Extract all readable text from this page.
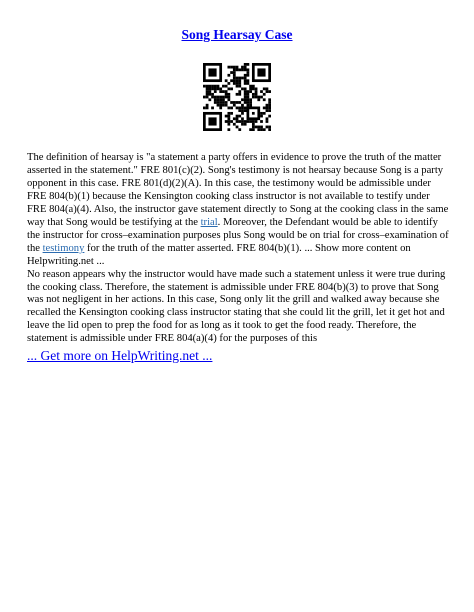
Song Hearsay Case

The definition of hearsay is "a statement a party offers in evidence to prove the truth of the matter asserted in the statement." FRE 801(c)(2). Song's testimony is not hearsay because Song is a party opponent in this case. FRE 801(d)(2)(A). In this case, the testimony would be admissible under FRE 804(b)(1) because the Kensington cooking class instructor is not available to testify under FRE 804(a)(4). Also, the instructor gave statement directly to Song at the cooking class in the same way that Song would be testifying at the trial. Moreover, the Defendant would be able to identify the instructor for cross–examination purposes plus Song would be on trial for cross–examination of the testimony for the truth of the matter asserted. FRE 804(b)(1). ... Show more content on Helpwriting.net ...

No reason appears why the instructor would have made such a statement unless it were true during the cooking class. Therefore, the statement is admissible under FRE 804(b)(3) to prove that Song was not negligent in her actions. In this case, Song only lit the grill and walked away because she recalled the Kensington cooking class instructor stating that she could lit the grill, let it get hot and leave the lid open to prep the food for as long as it took to get the food ready. Therefore, the statement is admissible under FRE 804(a)(4) for the purposes of this

... Get more on HelpWriting.net ...
